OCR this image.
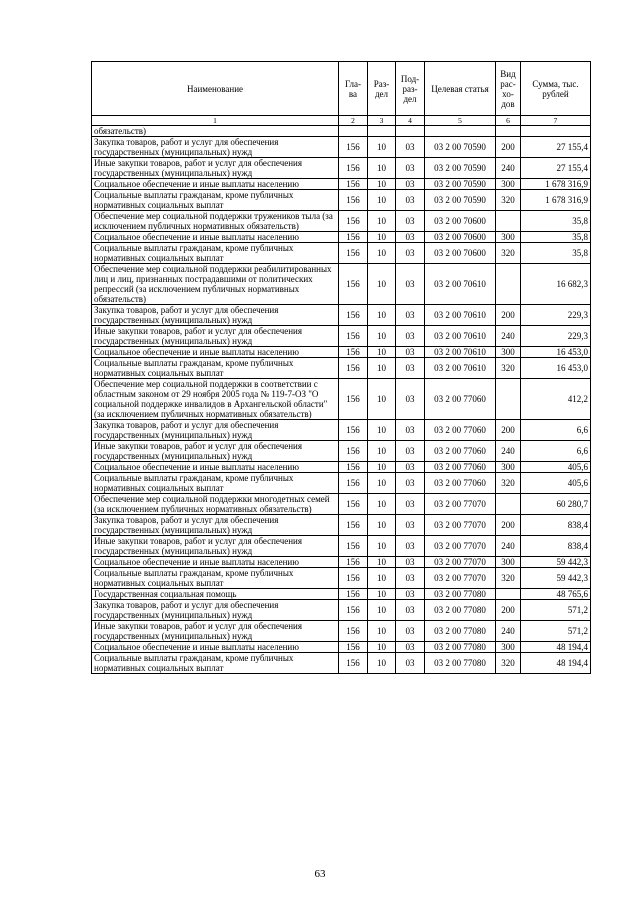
Наименование	Гла-ва	Раз-дел	Под-раз-дел	Целевая статья	Вид рас-хо-дов	Сумма, тыс. рублей
1	2	3	4	5	6	7
обязательств)						
Закупка товаров, работ и услуг для обеспечения государственных (муниципальных) нужд	156	10	03	03 2 00 70590	200	27 155,4
Иные закупки товаров, работ и услуг для обеспечения государственных (муниципальных) нужд	156	10	03	03 2 00 70590	240	27 155,4
Социальное обеспечение и иные выплаты населению	156	10	03	03 2 00 70590	300	1 678 316,9
Социальные выплаты гражданам, кроме публичных нормативных социальных выплат	156	10	03	03 2 00 70590	320	1 678 316,9
Обеспечение мер социальной поддержки тружеников тыла (за исключением публичных нормативных обязательств)	156	10	03	03 2 00 70600		35,8
Социальное обеспечение и иные выплаты населению	156	10	03	03 2 00 70600	300	35,8
Социальные выплаты гражданам, кроме публичных нормативных социальных выплат	156	10	03	03 2 00 70600	320	35,8
Обеспечение мер социальной поддержки реабилитированных лиц и лиц, признанных пострадавшими от политических репрессий (за исключением публичных нормативных обязательств)	156	10	03	03 2 00 70610		16 682,3
Закупка товаров, работ и услуг для обеспечения государственных (муниципальных) нужд	156	10	03	03 2 00 70610	200	229,3
Иные закупки товаров, работ и услуг для обеспечения государственных (муниципальных) нужд	156	10	03	03 2 00 70610	240	229,3
Социальное обеспечение и иные выплаты населению	156	10	03	03 2 00 70610	300	16 453,0
Социальные выплаты гражданам, кроме публичных нормативных социальных выплат	156	10	03	03 2 00 70610	320	16 453,0
Обеспечение мер социальной поддержки в соответствии с областным законом от 29 ноября 2005 года № 119-7-ОЗ "О социальной поддержке инвалидов в Архангельской области" (за исключением публичных нормативных обязательств)	156	10	03	03 2 00 77060		412,2
Закупка товаров, работ и услуг для обеспечения государственных (муниципальных) нужд	156	10	03	03 2 00 77060	200	6,6
Иные закупки товаров, работ и услуг для обеспечения государственных (муниципальных) нужд	156	10	03	03 2 00 77060	240	6,6
Социальное обеспечение и иные выплаты населению	156	10	03	03 2 00 77060	300	405,6
Социальные выплаты гражданам, кроме публичных нормативных социальных выплат	156	10	03	03 2 00 77060	320	405,6
Обеспечение мер социальной поддержки многодетных семей (за исключением публичных нормативных обязательств)	156	10	03	03 2 00 77070		60 280,7
Закупка товаров, работ и услуг для обеспечения государственных (муниципальных) нужд	156	10	03	03 2 00 77070	200	838,4
Иные закупки товаров, работ и услуг для обеспечения государственных (муниципальных) нужд	156	10	03	03 2 00 77070	240	838,4
Социальное обеспечение и иные выплаты населению	156	10	03	03 2 00 77070	300	59 442,3
Социальные выплаты гражданам, кроме публичных нормативных социальных выплат	156	10	03	03 2 00 77070	320	59 442,3
Государственная социальная помощь	156	10	03	03 2 00 77080		48 765,6
Закупка товаров, работ и услуг для обеспечения государственных (муниципальных) нужд	156	10	03	03 2 00 77080	200	571,2
Иные закупки товаров, работ и услуг для обеспечения государственных (муниципальных) нужд	156	10	03	03 2 00 77080	240	571,2
Социальное обеспечение и иные выплаты населению	156	10	03	03 2 00 77080	300	48 194,4
Социальные выплаты гражданам, кроме публичных нормативных социальных выплат	156	10	03	03 2 00 77080	320	48 194,4
63
